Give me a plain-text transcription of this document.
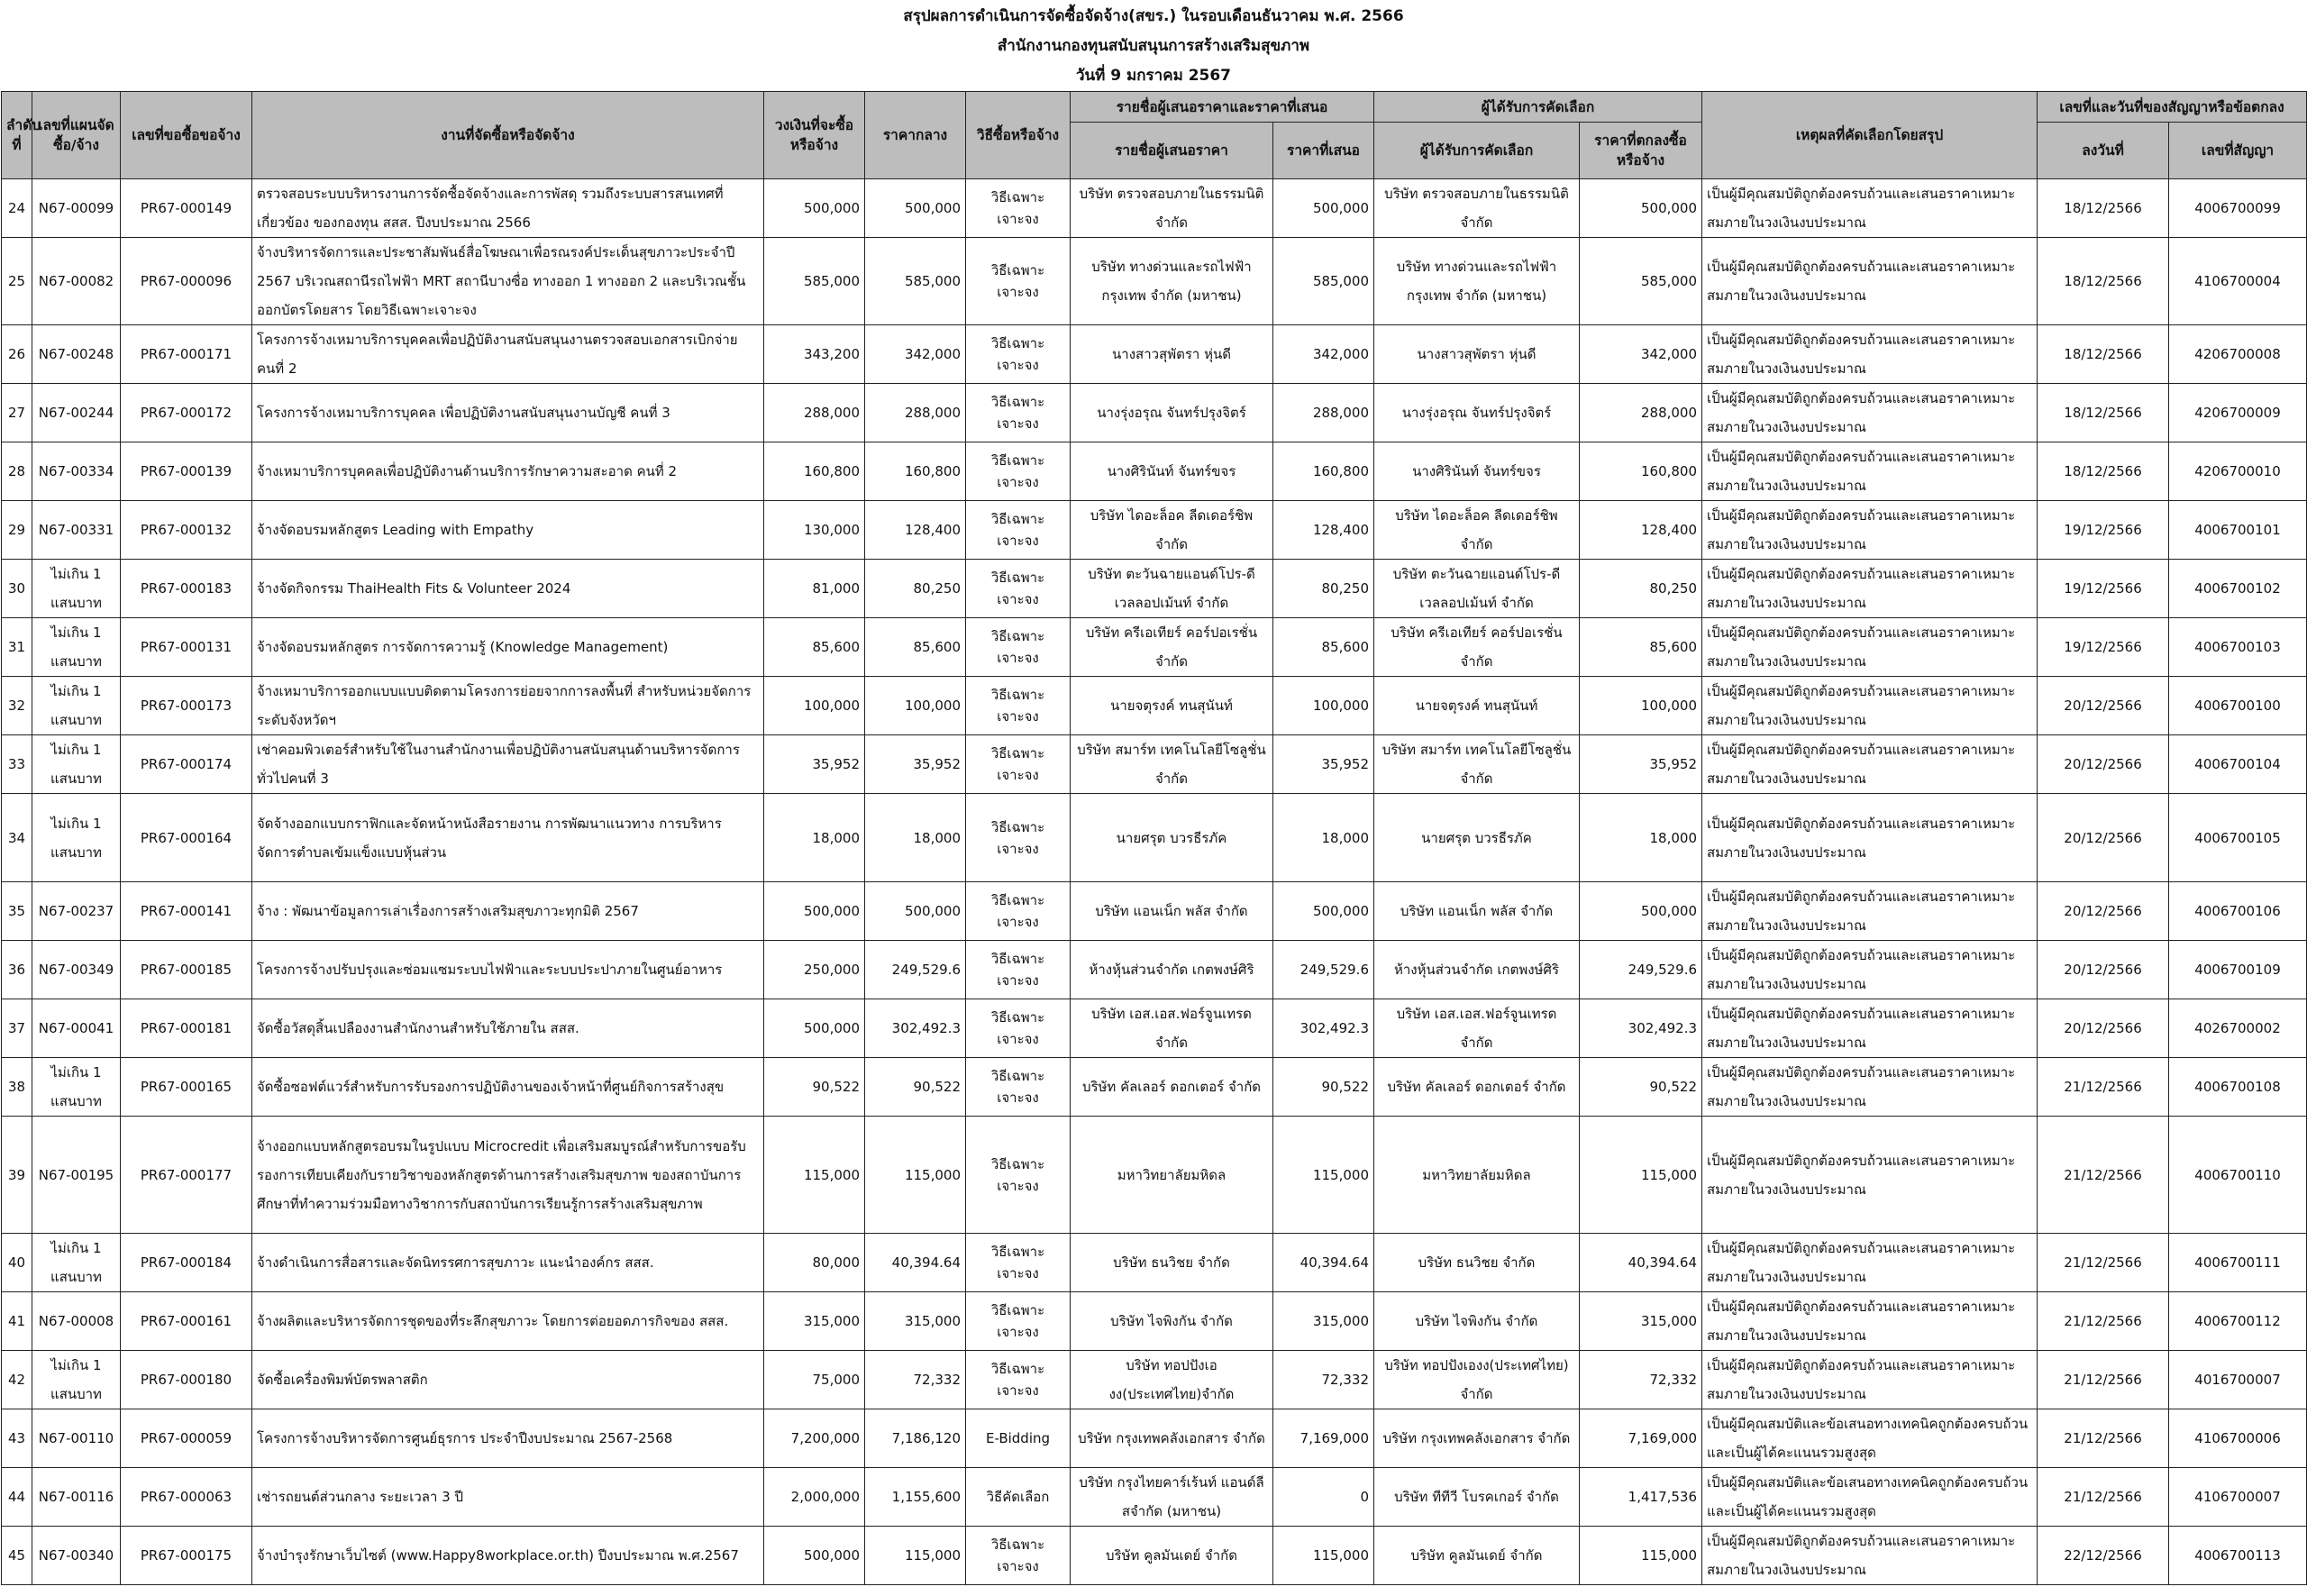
สรุปผลการดำเนินการจัดซื้อจัดจ้าง(สขร.) ในรอบเดือนธันวาคม พ.ศ. 2566
สำนักงานกองทุนสนับสนุนการสร้างเสริมสุขภาพ
วันที่ 9 มกราคม 2567
ลำดับที่	เลขที่แผนจัดซื้อ/จ้าง	เลขที่ขอซื้อขอจ้าง	งานที่จัดซื้อหรือจัดจ้าง	วงเงินที่จะซื้อหรือจ้าง	ราคากลาง	วิธีซื้อหรือจ้าง	รายชื่อผู้เสนอราคาและราคาที่เสนอ		ผู้ได้รับการคัดเลือก		เหตุผลที่คัดเลือกโดยสรุป	เลขที่และวันที่ของสัญญาหรือข้อตกลง	
							รายชื่อผู้เสนอราคา	ราคาที่เสนอ	ผู้ได้รับการคัดเลือก	ราคาที่ตกลงซื้อหรือจ้าง		ลงวันที่	เลขที่สัญญา
24	N67-00099	PR67-000149	ตรวจสอบระบบบริหารงานการจัดซื้อจัดจ้างและการพัสดุ รวมถึงระบบสารสนเทศที่เกี่ยวข้อง ของกองทุน สสส. ปีงบประมาณ 2566	500,000	500,000	วิธีเฉพาะเจาะจง	บริษัท ตรวจสอบภายในธรรมนิติ จำกัด	500,000	บริษัท ตรวจสอบภายในธรรมนิติ จำกัด	500,000	เป็นผู้มีคุณสมบัติถูกต้องครบถ้วนและเสนอราคาเหมาะสมภายในวงเงินงบประมาณ	18/12/2566	4006700099
25	N67-00082	PR67-000096	จ้างบริหารจัดการและประชาสัมพันธ์สื่อโฆษณาเพื่อรณรงค์ประเด็นสุขภาวะประจำปี 2567 บริเวณสถานีรถไฟฟ้า MRT สถานีบางซื่อ ทางออก 1 ทางออก 2 และบริเวณชั้นออกบัตรโดยสาร โดยวิธีเฉพาะเจาะจง	585,000	585,000	วิธีเฉพาะเจาะจง	บริษัท ทางด่วนและรถไฟฟ้ากรุงเทพ จำกัด (มหาชน)	585,000	บริษัท ทางด่วนและรถไฟฟ้ากรุงเทพ จำกัด (มหาชน)	585,000	เป็นผู้มีคุณสมบัติถูกต้องครบถ้วนและเสนอราคาเหมาะสมภายในวงเงินงบประมาณ	18/12/2566	4106700004
26	N67-00248	PR67-000171	โครงการจ้างเหมาบริการบุคคลเพื่อปฏิบัติงานสนับสนุนงานตรวจสอบเอกสารเบิกจ่าย คนที่ 2	343,200	342,000	วิธีเฉพาะเจาะจง	นางสาวสุพัตรา หุ่นดี	342,000	นางสาวสุพัตรา หุ่นดี	342,000	เป็นผู้มีคุณสมบัติถูกต้องครบถ้วนและเสนอราคาเหมาะสมภายในวงเงินงบประมาณ	18/12/2566	4206700008
27	N67-00244	PR67-000172	โครงการจ้างเหมาบริการบุคคล เพื่อปฏิบัติงานสนับสนุนงานบัญชี คนที่ 3	288,000	288,000	วิธีเฉพาะเจาะจง	นางรุ่งอรุณ จันทร์ปรุงจิตร์	288,000	นางรุ่งอรุณ จันทร์ปรุงจิตร์	288,000	เป็นผู้มีคุณสมบัติถูกต้องครบถ้วนและเสนอราคาเหมาะสมภายในวงเงินงบประมาณ	18/12/2566	4206700009
28	N67-00334	PR67-000139	จ้างเหมาบริการบุคคลเพื่อปฏิบัติงานด้านบริการรักษาความสะอาด คนที่ 2	160,800	160,800	วิธีเฉพาะเจาะจง	นางศิรินันท์ จันทร์ขจร	160,800	นางศิรินันท์ จันทร์ขจร	160,800	เป็นผู้มีคุณสมบัติถูกต้องครบถ้วนและเสนอราคาเหมาะสมภายในวงเงินงบประมาณ	18/12/2566	4206700010
29	N67-00331	PR67-000132	จ้างจัดอบรมหลักสูตร Leading with Empathy	130,000	128,400	วิธีเฉพาะเจาะจง	บริษัท ไดอะล็อค ลีดเดอร์ชิพ จำกัด	128,400	บริษัท ไดอะล็อค ลีดเดอร์ชิพ จำกัด	128,400	เป็นผู้มีคุณสมบัติถูกต้องครบถ้วนและเสนอราคาเหมาะสมภายในวงเงินงบประมาณ	19/12/2566	4006700101
30	ไม่เกิน 1 แสนบาท	PR67-000183	จ้างจัดกิจกรรม ThaiHealth Fits & Volunteer 2024	81,000	80,250	วิธีเฉพาะเจาะจง	บริษัท ตะวันฉายแอนด์โปร-ดีเวลลอปเม้นท์ จำกัด	80,250	บริษัท ตะวันฉายแอนด์โปร-ดีเวลลอปเม้นท์ จำกัด	80,250	เป็นผู้มีคุณสมบัติถูกต้องครบถ้วนและเสนอราคาเหมาะสมภายในวงเงินงบประมาณ	19/12/2566	4006700102
31	ไม่เกิน 1 แสนบาท	PR67-000131	จ้างจัดอบรมหลักสูตร การจัดการความรู้ (Knowledge Management)	85,600	85,600	วิธีเฉพาะเจาะจง	บริษัท ครีเอเทียร์ คอร์ปอเรชั่น จำกัด	85,600	บริษัท ครีเอเทียร์ คอร์ปอเรชั่น จำกัด	85,600	เป็นผู้มีคุณสมบัติถูกต้องครบถ้วนและเสนอราคาเหมาะสมภายในวงเงินงบประมาณ	19/12/2566	4006700103
32	ไม่เกิน 1 แสนบาท	PR67-000173	จ้างเหมาบริการออกแบบแบบติดตามโครงการย่อยจากการลงพื้นที่ สำหรับหน่วยจัดการระดับจังหวัดฯ	100,000	100,000	วิธีเฉพาะเจาะจง	นายจตุรงค์ ทนสุนันท์	100,000	นายจตุรงค์ ทนสุนันท์	100,000	เป็นผู้มีคุณสมบัติถูกต้องครบถ้วนและเสนอราคาเหมาะสมภายในวงเงินงบประมาณ	20/12/2566	4006700100
33	ไม่เกิน 1 แสนบาท	PR67-000174	เช่าคอมพิวเตอร์สำหรับใช้ในงานสำนักงานเพื่อปฏิบัติงานสนับสนุนด้านบริหารจัดการทั่วไปคนที่ 3	35,952	35,952	วิธีเฉพาะเจาะจง	บริษัท สมาร์ท เทคโนโลยีโซลูชั่น จำกัด	35,952	บริษัท สมาร์ท เทคโนโลยีโซลูชั่น จำกัด	35,952	เป็นผู้มีคุณสมบัติถูกต้องครบถ้วนและเสนอราคาเหมาะสมภายในวงเงินงบประมาณ	20/12/2566	4006700104
34	ไม่เกิน 1 แสนบาท	PR67-000164	จัดจ้างออกแบบกราฟิกและจัดหน้าหนังสือรายงาน การพัฒนาแนวทาง การบริหารจัดการตำบลเข้มแข็งแบบหุ้นส่วน	18,000	18,000	วิธีเฉพาะเจาะจง	นายศรุต บวรธีรภัค	18,000	นายศรุต บวรธีรภัค	18,000	เป็นผู้มีคุณสมบัติถูกต้องครบถ้วนและเสนอราคาเหมาะสมภายในวงเงินงบประมาณ	20/12/2566	4006700105
35	N67-00237	PR67-000141	จ้าง : พัฒนาข้อมูลการเล่าเรื่องการสร้างเสริมสุขภาวะทุกมิติ 2567	500,000	500,000	วิธีเฉพาะเจาะจง	บริษัท แอนเน็ก พลัส จำกัด	500,000	บริษัท แอนเน็ก พลัส จำกัด	500,000	เป็นผู้มีคุณสมบัติถูกต้องครบถ้วนและเสนอราคาเหมาะสมภายในวงเงินงบประมาณ	20/12/2566	4006700106
36	N67-00349	PR67-000185	โครงการจ้างปรับปรุงและซ่อมแซมระบบไฟฟ้าและระบบประปาภายในศูนย์อาหาร	250,000	249,529.6	วิธีเฉพาะเจาะจง	ห้างหุ้นส่วนจำกัด เกตพงษ์ศิริ	249,529.6	ห้างหุ้นส่วนจำกัด เกตพงษ์ศิริ	249,529.6	เป็นผู้มีคุณสมบัติถูกต้องครบถ้วนและเสนอราคาเหมาะสมภายในวงเงินงบประมาณ	20/12/2566	4006700109
37	N67-00041	PR67-000181	จัดซื้อวัสดุสิ้นเปลืองงานสำนักงานสำหรับใช้ภายใน สสส.	500,000	302,492.3	วิธีเฉพาะเจาะจง	บริษัท เอส.เอส.ฟอร์จูนเทรด จำกัด	302,492.3	บริษัท เอส.เอส.ฟอร์จูนเทรด จำกัด	302,492.3	เป็นผู้มีคุณสมบัติถูกต้องครบถ้วนและเสนอราคาเหมาะสมภายในวงเงินงบประมาณ	20/12/2566	4026700002
38	ไม่เกิน 1 แสนบาท	PR67-000165	จัดซื้อซอฟต์แวร์สำหรับการรับรองการปฏิบัติงานของเจ้าหน้าที่ศูนย์กิจการสร้างสุข	90,522	90,522	วิธีเฉพาะเจาะจง	บริษัท คัลเลอร์ ดอกเตอร์ จำกัด	90,522	บริษัท คัลเลอร์ ดอกเตอร์ จำกัด	90,522	เป็นผู้มีคุณสมบัติถูกต้องครบถ้วนและเสนอราคาเหมาะสมภายในวงเงินงบประมาณ	21/12/2566	4006700108
39	N67-00195	PR67-000177	จ้างออกแบบหลักสูตรอบรมในรูปแบบ Microcredit เพื่อเสริมสมบูรณ์สำหรับการขอรับรองการเทียบเคียงกับรายวิชาของหลักสูตรด้านการสร้างเสริมสุขภาพ ของสถาบันการศึกษาที่ทำความร่วมมือทางวิชาการกับสถาบันการเรียนรู้การสร้างเสริมสุขภาพ	115,000	115,000	วิธีเฉพาะเจาะจง	มหาวิทยาลัยมหิดล	115,000	มหาวิทยาลัยมหิดล	115,000	เป็นผู้มีคุณสมบัติถูกต้องครบถ้วนและเสนอราคาเหมาะสมภายในวงเงินงบประมาณ	21/12/2566	4006700110
40	ไม่เกิน 1 แสนบาท	PR67-000184	จ้างดำเนินการสื่อสารและจัดนิทรรศการสุขภาวะ แนะนำองค์กร สสส.	80,000	40,394.64	วิธีเฉพาะเจาะจง	บริษัท ธนวิชย จำกัด	40,394.64	บริษัท ธนวิชย จำกัด	40,394.64	เป็นผู้มีคุณสมบัติถูกต้องครบถ้วนและเสนอราคาเหมาะสมภายในวงเงินงบประมาณ	21/12/2566	4006700111
41	N67-00008	PR67-000161	จ้างผลิตและบริหารจัดการชุดของที่ระลึกสุขภาวะ โดยการต่อยอดภารกิจของ สสส.	315,000	315,000	วิธีเฉพาะเจาะจง	บริษัท ไจพิงกัน จำกัด	315,000	บริษัท ไจพิงกัน จำกัด	315,000	เป็นผู้มีคุณสมบัติถูกต้องครบถ้วนและเสนอราคาเหมาะสมภายในวงเงินงบประมาณ	21/12/2566	4006700112
42	ไม่เกิน 1 แสนบาท	PR67-000180	จัดซื้อเครื่องพิมพ์บัตรพลาสติก	75,000	72,332	วิธีเฉพาะเจาะจง	บริษัท ทอปปังเองง(ประเทศไทย)จำกัด	72,332	บริษัท ทอปปังเองง(ประเทศไทย) จำกัด	72,332	เป็นผู้มีคุณสมบัติถูกต้องครบถ้วนและเสนอราคาเหมาะสมภายในวงเงินงบประมาณ	21/12/2566	4016700007
43	N67-00110	PR67-000059	โครงการจ้างบริหารจัดการศูนย์ธุรการ ประจำปีงบประมาณ 2567-2568	7,200,000	7,186,120	E-Bidding	บริษัท กรุงเทพคลังเอกสาร จำกัด	7,169,000	บริษัท กรุงเทพคลังเอกสาร จำกัด	7,169,000	เป็นผู้มีคุณสมบัติและข้อเสนอทางเทคนิคถูกต้องครบถ้วนและเป็นผู้ได้คะแนนรวมสูงสุด	21/12/2566	4106700006
44	N67-00116	PR67-000063	เช่ารถยนต์ส่วนกลาง ระยะเวลา 3 ปี	2,000,000	1,155,600	วิธีคัดเลือก	บริษัท กรุงไทยคาร์เร้นท์ แอนด์ลีสจำกัด (มหาชน)	0	บริษัท ทีทีวี โบรคเกอร์ จำกัด	1,417,536	เป็นผู้มีคุณสมบัติและข้อเสนอทางเทคนิคถูกต้องครบถ้วนและเป็นผู้ได้คะแนนรวมสูงสุด	21/12/2566	4106700007
45	N67-00340	PR67-000175	จ้างบำรุงรักษาเว็บไซต์ (www.Happy8workplace.or.th) ปีงบประมาณ พ.ศ.2567	500,000	115,000	วิธีเฉพาะเจาะจง	บริษัท คูลมันเดย์ จำกัด	115,000	บริษัท คูลมันเดย์ จำกัด	115,000	เป็นผู้มีคุณสมบัติถูกต้องครบถ้วนและเสนอราคาเหมาะสมภายในวงเงินงบประมาณ	22/12/2566	4006700113
